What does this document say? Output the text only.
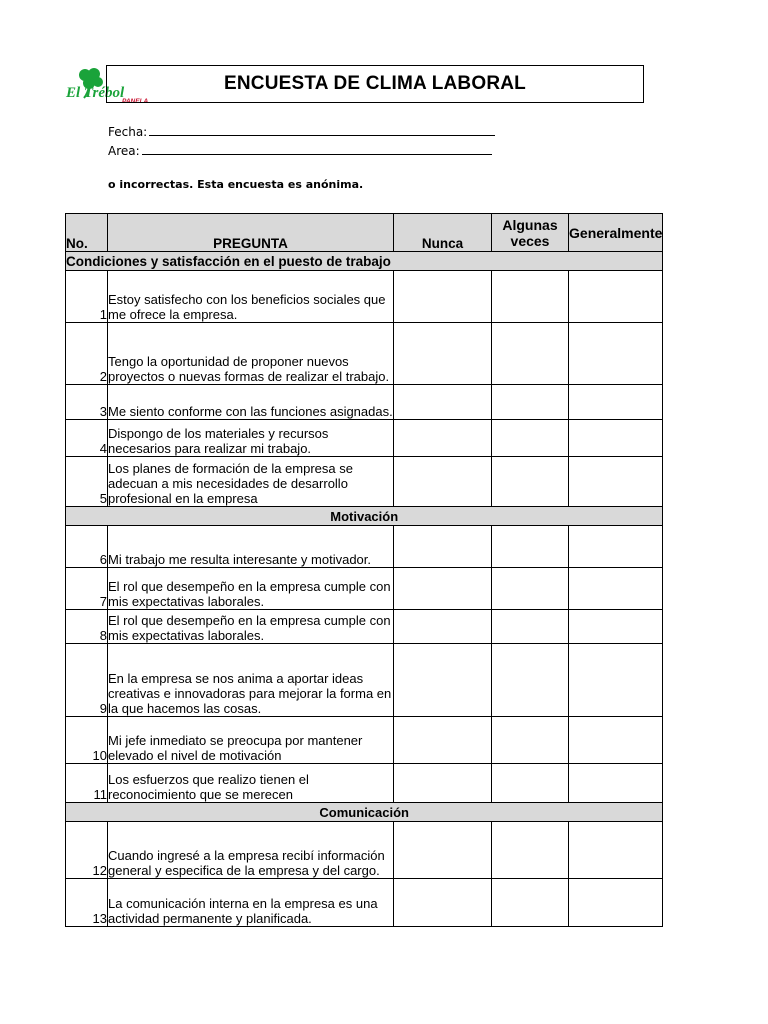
El Trébol
PANELA
ENCUESTA DE CLIMA LABORAL
Fecha:
Area:
o incorrectas. Esta encuesta es anónima.
No.	PREGUNTA	Nunca	Algunas veces	Generalmente
Condiciones y satisfacción en el puesto de trabajo				
1	Estoy satisfecho con los beneficios sociales que me ofrece la empresa.			
2	Tengo la oportunidad de proponer nuevos proyectos o nuevas formas de realizar el trabajo.			
3	Me siento conforme con las funciones asignadas.			
4	Dispongo de los materiales y recursos necesarios para realizar mi trabajo.			
5	Los planes de formación de la empresa se adecuan a mis necesidades de desarrollo profesional en la empresa			
Motivación				
6	Mi trabajo me resulta interesante y motivador.			
7	El rol que desempeño en la empresa cumple con mis expectativas laborales.			
8	El rol que desempeño en la empresa cumple con mis expectativas laborales.			
9	En la empresa se nos anima a aportar ideas creativas e innovadoras para mejorar la forma en la que hacemos las cosas.			
10	Mi jefe inmediato se preocupa por mantener elevado el nivel de motivación			
11	Los esfuerzos que realizo tienen el reconocimiento que se merecen			
Comunicación				
12	Cuando ingresé a la empresa recibí información general y especifica de la empresa y del cargo.			
13	La comunicación interna en la empresa es una actividad permanente y planificada.			
